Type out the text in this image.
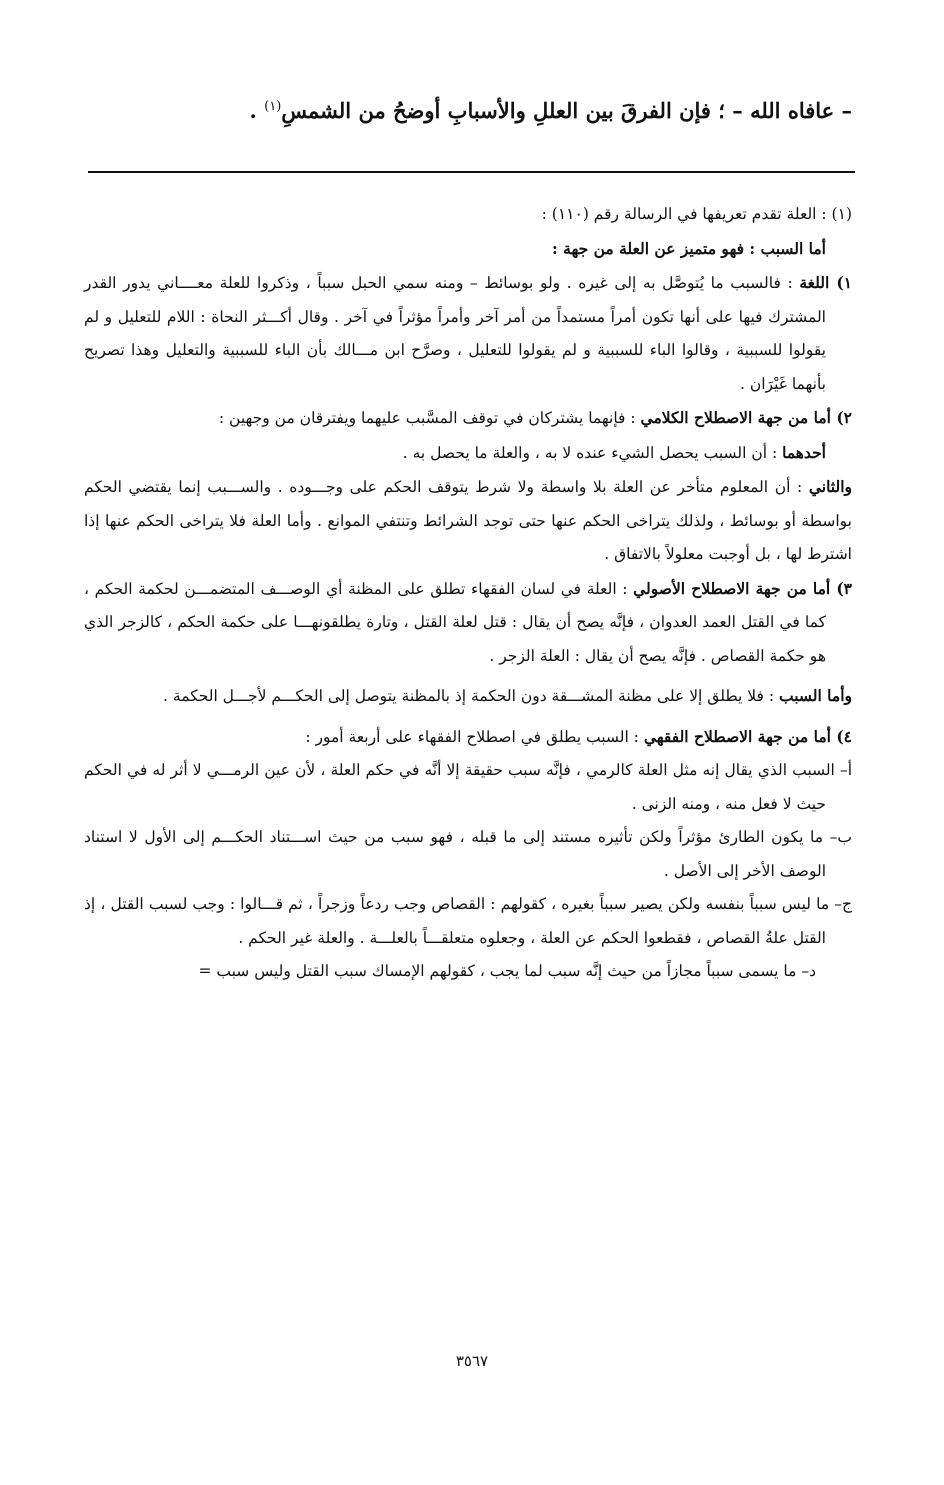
– عافاه الله – ؛ فإن الفرقَ بين العللِ والأسبابِ أوضحُ من الشمسِ$^{(١)}$ .

(١) : العلة تقدم تعريفها في الرسالة رقم (١١٠) :

أما السبب : فهو متميز عن العلة من جهة :

١) اللغة : فالسبب ما يُتوصَّل به إلى غيره . ولو بوسائط – ومنه سمي الحبل سبباً ، وذكروا للعلة معــــاني يدور القدر المشترك فيها على أنها تكون أمراً مستمداً من أمر آخر وأمراً مؤثراً في آخر . وقال أكـــثر النحاة : اللام للتعليل و لم يقولوا للسببية ، وقالوا الباء للسببية و لم يقولوا للتعليل ، وصرَّح ابن مـــالك بأن الباء للسببية والتعليل وهذا تصريح بأنهما غَيْرَان .

٢) أما من جهة الاصطلاح الكلامي : فإنهما يشتركان في توقف المسَّبب عليهما ويفترقان من وجهين :

أحدهما : أن السبب يحصل الشيء عنده لا به ، والعلة ما يحصل به .

والثاني : أن المعلوم متأخر عن العلة بلا واسطة ولا شرط يتوقف الحكم على وجـــوده . والســـبب إنما يقتضي الحكم بواسطة أو بوسائط ، ولذلك يتراخى الحكم عنها حتى توجد الشرائط وتنتفي الموانع . وأما العلة فلا يتراخى الحكم عنها إذا اشترط لها ، بل أوجبت معلولاً بالاتفاق .

٣) أما من جهة الاصطلاح الأصولي : العلة في لسان الفقهاء تطلق على المظنة أي الوصـــف المتضمـــن لحكمة الحكم ، كما في القتل العمد العدوان ، فإنَّه يصح أن يقال : قتل لعلة القتل ، وتارة يطلقونهـــا على حكمة الحكم ، كالزجر الذي هو حكمة القصاص . فإنَّه يصح أن يقال : العلة الزجر .

وأما السبب : فلا يطلق إلا على مظنة المشـــقة دون الحكمة إذ بالمظنة يتوصل إلى الحكـــم لأجـــل الحكمة .

٤) أما من جهة الاصطلاح الفقهي : السبب يطلق في اصطلاح الفقهاء على أربعة أمور :

أ– السبب الذي يقال إنه مثل العلة كالرمي ، فإنَّه سبب حقيقة إلا أنَّه في حكم العلة ، لأن عين الرمـــي لا أثر له في الحكم حيث لا فعل منه ، ومنه الزنى .

ب– ما يكون الطارئ مؤثراً ولكن تأثيره مستند إلى ما قبله ، فهو سبب من حيث اســـتناد الحكـــم إلى الأول لا استناد الوصف الأخر إلى الأصل .

ج– ما ليس سبباً بنفسه ولكن يصير سبباً بغيره ، كقولهم : القصاص وجب ردعاً وزجراً ، ثم قـــالوا : وجب لسبب القتل ، إذ القتل علةُ القصاص ، فقطعوا الحكم عن العلة ، وجعلوه متعلقـــاً بالعلـــة . والعلة غير الحكم .

د– ما يسمى سبباً مجازاً من حيث إنَّه سبب لما يجب ، كقولهم الإمساك سبب القتل وليس سبب =

٣٥٦٧
